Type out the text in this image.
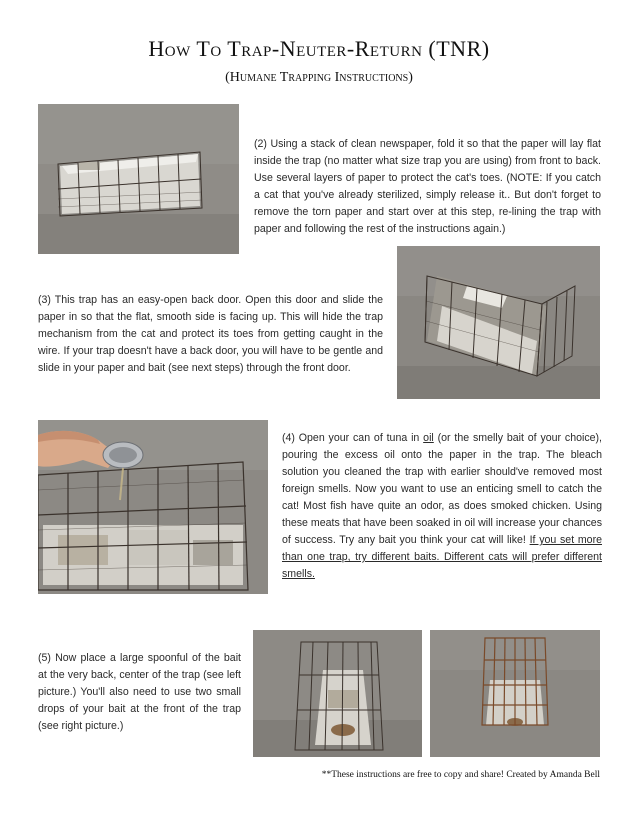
How To Trap-Neuter-Return (TNR)
(Humane Trapping Instructions)
(2) Using a stack of clean newspaper, fold it so that the paper will lay flat inside the trap (no matter what size trap you are using) from front to back. Use several layers of paper to protect the cat's toes. (NOTE: If you catch a cat that you've already sterilized, simply release it.. But don't forget to remove the torn paper and start over at this step, re-lining the trap with paper and following the rest of the instructions again.)
(3) This trap has an easy-open back door. Open this door and slide the paper in so that the flat, smooth side is facing up. This will hide the trap mechanism from the cat and protect its toes from getting caught in the wire. If your trap doesn't have a back door, you will have to be gentle and slide in your paper and bait (see next steps) through the front door.
(4) Open your can of tuna in oil (or the smelly bait of your choice), pouring the excess oil onto the paper in the trap. The bleach solution you cleaned the trap with earlier should've removed most foreign smells. Now you want to use an enticing smell to catch the cat! Most fish have quite an odor, as does smoked chicken. Using these meats that have been soaked in oil will increase your chances of success. Try any bait you think your cat will like! If you set more than one trap, try different baits. Different cats will prefer different smells.
(5) Now place a large spoonful of the bait at the very back, center of the trap (see left picture.) You'll also need to use two small drops of your bait at the front of the trap (see right picture.)
**These instructions are free to copy and share! Created by Amanda Bell
